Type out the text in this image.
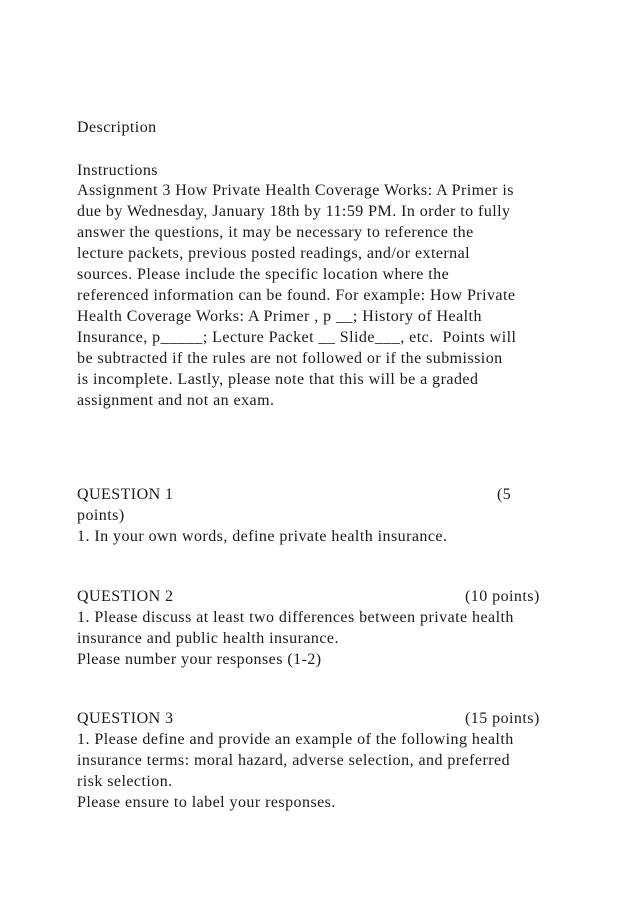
Description
Instructions
Assignment 3 How Private Health Coverage Works: A Primer is
due by Wednesday, January 18th by 11:59 PM. In order to fully
answer the questions, it may be necessary to reference the
lecture packets, previous posted readings, and/or external
sources. Please include the specific location where the
referenced information can be found. For example: How Private
Health Coverage Works: A Primer , p __; History of Health
Insurance, p_____; Lecture Packet __ Slide___, etc.  Points will
be subtracted if the rules are not followed or if the submission
is incomplete. Lastly, please note that this will be a graded
assignment and not an exam.
QUESTION 1	(5
points)
1. In your own words, define private health insurance.
QUESTION 2	(10 points)
1. Please discuss at least two differences between private health
insurance and public health insurance.
Please number your responses (1-2)
QUESTION 3	(15 points)
1. Please define and provide an example of the following health
insurance terms: moral hazard, adverse selection, and preferred
risk selection.
Please ensure to label your responses.
